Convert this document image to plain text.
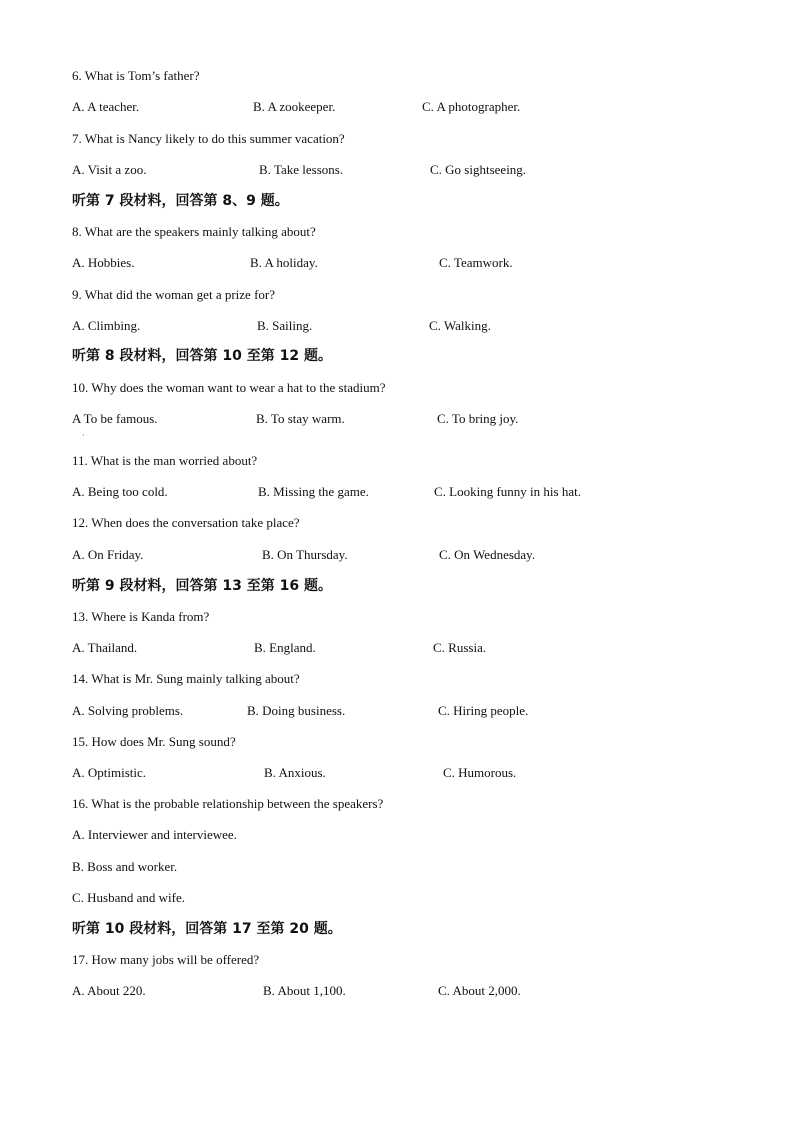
6. What is Tom’s father?
A. A teacher.	B. A zookeeper.	C. A photographer.
7. What is Nancy likely to do this summer vacation?
A. Visit a zoo.	B. Take lessons.	C. Go sightseeing.
听第 7 段材料，回答第 8、9 题。
8. What are the speakers mainly talking about?
A. Hobbies.	B. A holiday.	C. Teamwork.
9. What did the woman get a prize for?
A. Climbing.	B. Sailing.	C. Walking.
听第 8 段材料，回答第 10 至第 12 题。
10. Why does the woman want to wear a hat to the stadium?
A To be famous.
·
B. To stay warm.	C. To bring joy.
11. What is the man worried about?
A. Being too cold.	B. Missing the game.	C. Looking funny in his hat.
12. When does the conversation take place?
A. On Friday.	B. On Thursday.	C. On Wednesday.
听第 9 段材料，回答第 13 至第 16 题。
13. Where is Kanda from?
A. Thailand.	B. England.	C. Russia.
14. What is Mr. Sung mainly talking about?
A. Solving problems.	B. Doing business.	C. Hiring people.
15. How does Mr. Sung sound?
A. Optimistic.	B. Anxious.	C. Humorous.
16. What is the probable relationship between the speakers?
A. Interviewer and interviewee.
B. Boss and worker.
C. Husband and wife.
听第 10 段材料，回答第 17 至第 20 题。
17. How many jobs will be offered?
A. About 220.	B. About 1,100.	C. About 2,000.
